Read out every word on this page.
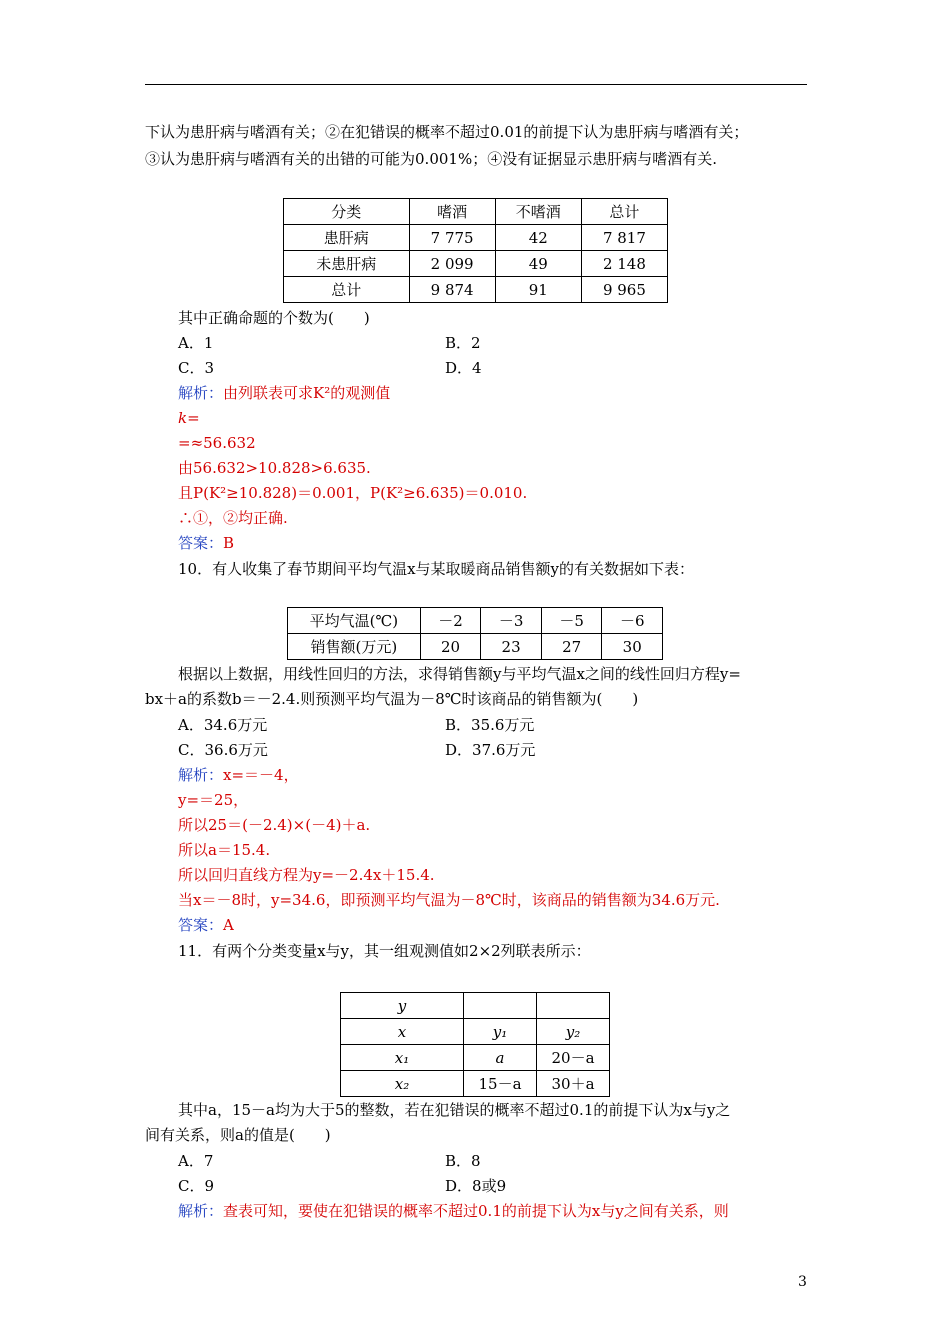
下认为患肝病与嗜酒有关；②在犯错误的概率不超过0.01的前提下认为患肝病与嗜酒有关；
③认为患肝病与嗜酒有关的出错的可能为0.001%；④没有证据显示患肝病与嗜酒有关.
分类	嗜酒	不嗜酒	总计
患肝病	7 775	42	7 817
未患肝病	2 099	49	2 148
总计	9 874	91	9 965
其中正确命题的个数为(　　)
A．1	B．2
C．3	D．4
解析：由列联表可求K²的观测值
k=
=≈56.632
由56.632>10.828>6.635.
且P(K²≥10.828)＝0.001，P(K²≥6.635)＝0.010.
∴①，②均正确.
答案：B
10．有人收集了春节期间平均气温x与某取暖商品销售额y的有关数据如下表：
平均气温(℃)	－2	－3	－5	－6
销售额(万元)	20	23	27	30
根据以上数据，用线性回归的方法，求得销售额y与平均气温x之间的线性回归方程y=
bx＋a的系数b＝－2.4.则预测平均气温为－8℃时该商品的销售额为(　　)
A．34.6万元	B．35.6万元
C．36.6万元	D．37.6万元
解析：x=＝－4，
y=＝25，
所以25＝(－2.4)×(－4)＋a.
所以a＝15.4.
所以回归直线方程为y=－2.4x＋15.4.
当x＝－8时，y=34.6，即预测平均气温为－8℃时，该商品的销售额为34.6万元.
答案：A
11．有两个分类变量x与y，其一组观测值如2×2列联表所示：
y		
x	y₁	y₂
x₁	a	20－a
x₂	15－a	30＋a
其中a，15－a均为大于5的整数，若在犯错误的概率不超过0.1的前提下认为x与y之
间有关系，则a的值是(　　)
A．7	B．8
C．9	D．8或9
解析：查表可知，要使在犯错误的概率不超过0.1的前提下认为x与y之间有关系，则
3
